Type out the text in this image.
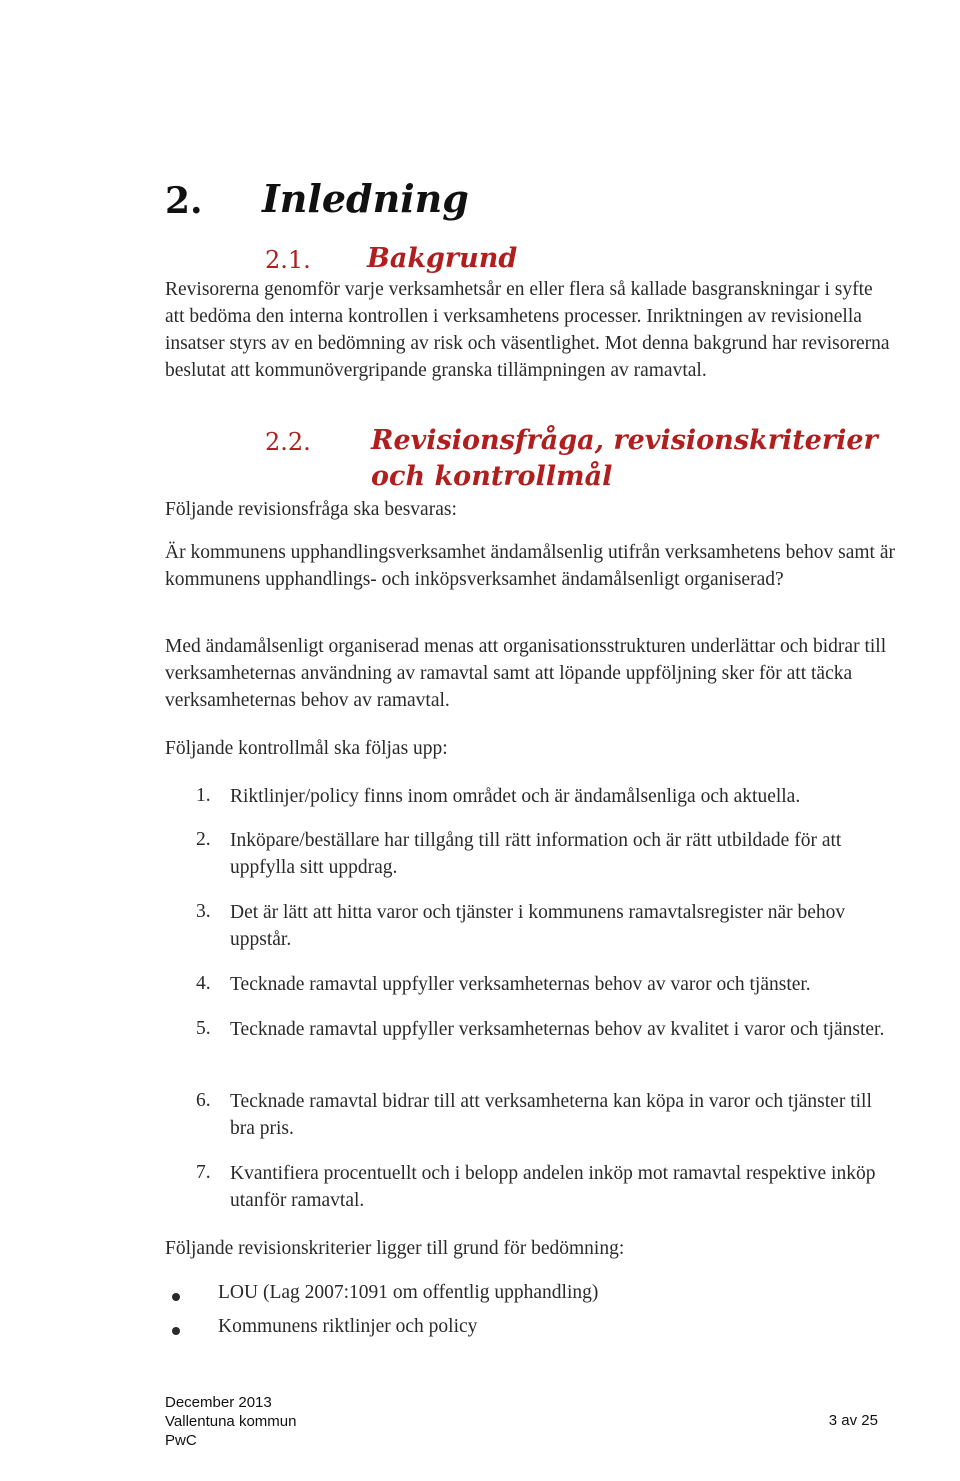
2. Inledning
2.1. Bakgrund
Revisorerna genomför varje verksamhetsår en eller flera så kallade basgranskningar i syfte att bedöma den interna kontrollen i verksamhetens processer. Inriktningen av revisionella insatser styrs av en bedömning av risk och väsentlighet. Mot denna bakgrund har revisorerna beslutat att kommunövergripande granska tillämpningen av ramavtal.
2.2. Revisionsfråga, revisionskriterier
och kontrollmål
Följande revisionsfråga ska besvaras:
Är kommunens upphandlingsverksamhet ändamålsenlig utifrån verksamhetens behov samt är kommunens upphandlings- och inköpsverksamhet ändamålsenligt organiserad?
Med ändamålsenligt organiserad menas att organisationsstrukturen underlättar och bidrar till verksamheternas användning av ramavtal samt att löpande uppföljning sker för att täcka verksamheternas behov av ramavtal.
Följande kontrollmål ska följas upp:
1. Riktlinjer/policy finns inom området och är ändamålsenliga och aktuella.
2. Inköpare/beställare har tillgång till rätt information och är rätt utbildade för att uppfylla sitt uppdrag.
3. Det är lätt att hitta varor och tjänster i kommunens ramavtalsregister när behov uppstår.
4. Tecknade ramavtal uppfyller verksamheternas behov av varor och tjänster.
5. Tecknade ramavtal uppfyller verksamheternas behov av kvalitet i varor och tjänster.
6. Tecknade ramavtal bidrar till att verksamheterna kan köpa in varor och tjänster till bra pris.
7. Kvantifiera procentuellt och i belopp andelen inköp mot ramavtal respektive inköp utanför ramavtal.
Följande revisionskriterier ligger till grund för bedömning:
LOU (Lag 2007:1091 om offentlig upphandling)
Kommunens riktlinjer och policy
December 2013
Vallentuna kommun
PwC
3 av 25
